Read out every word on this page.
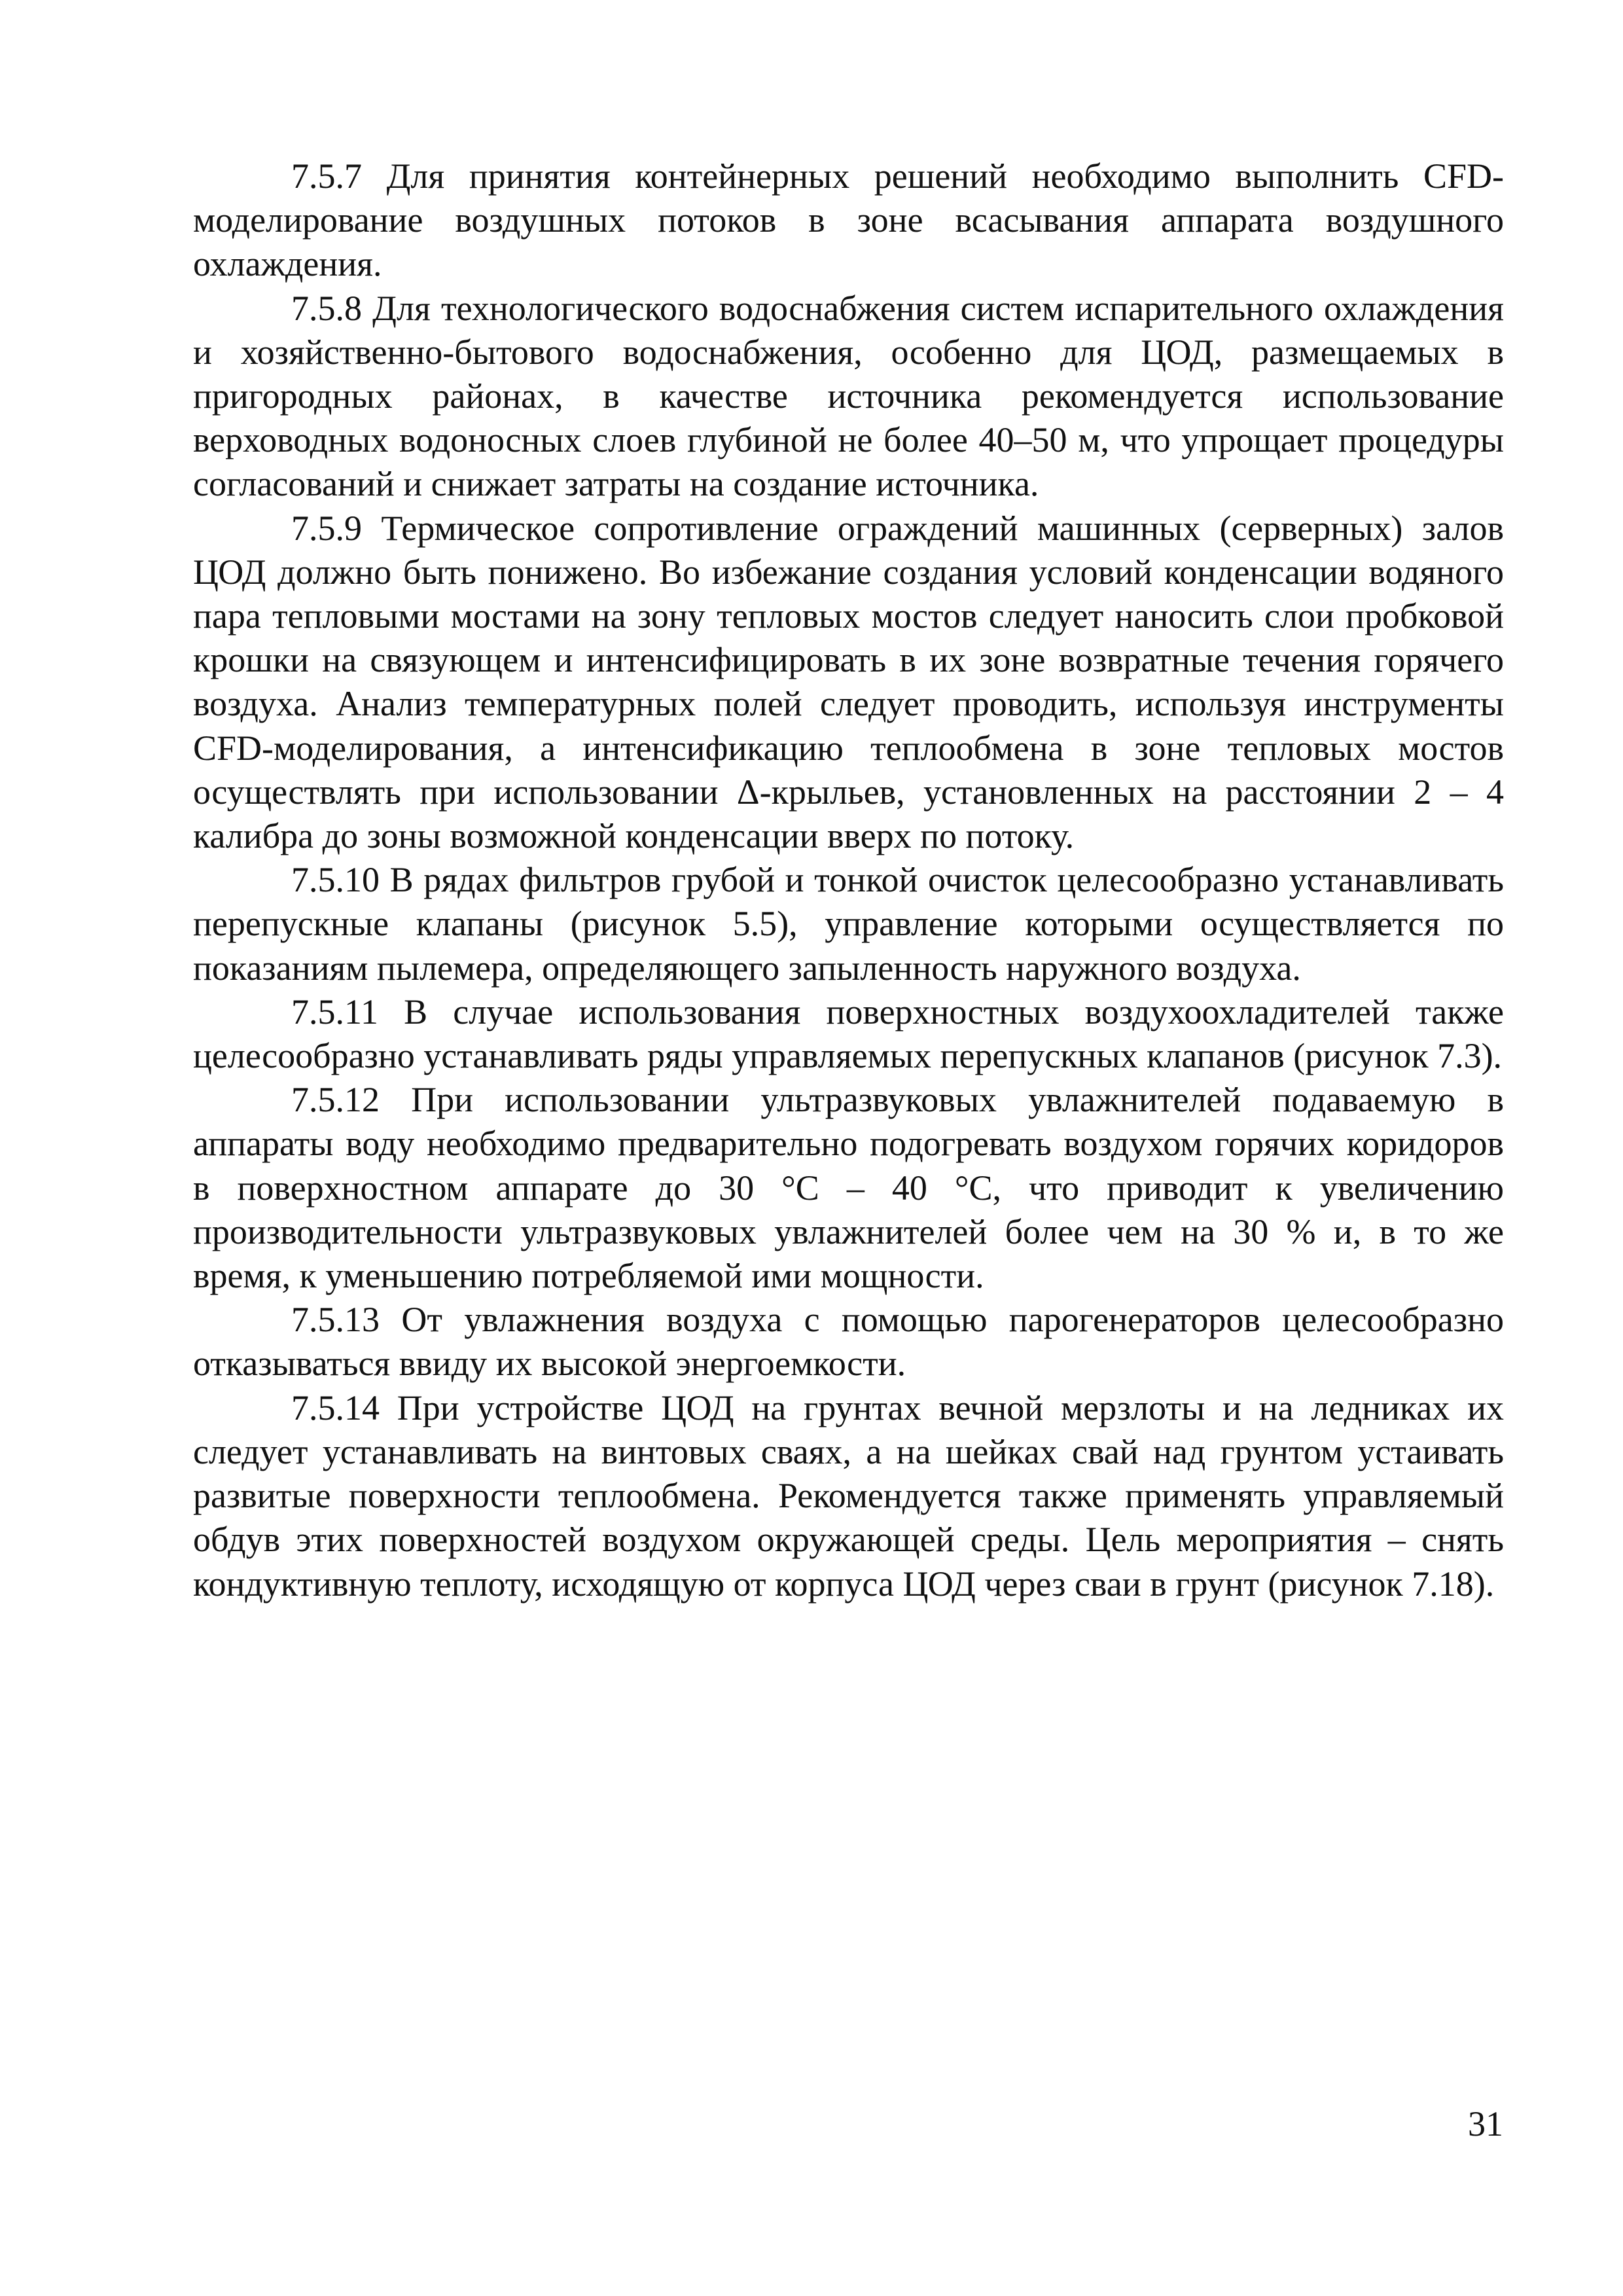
7.5.7 Для принятия контейнерных решений необходимо выполнить CFD-моделирование воздушных потоков в зоне всасывания аппарата воздушного охлаждения.

7.5.8 Для технологического водоснабжения систем испарительного охлаждения и хозяйственно-бытового водоснабжения, особенно для ЦОД, размещаемых в пригородных районах, в качестве источника рекомендуется использование верховодных водоносных слоев глубиной не более 40–50 м, что упрощает процедуры согласований и снижает затраты на создание источника.

7.5.9 Термическое сопротивление ограждений машинных (серверных) залов ЦОД должно быть понижено. Во избежание создания условий конденсации водяного пара тепловыми мостами на зону тепловых мостов следует наносить слои пробковой крошки на связующем и интенсифицировать в их зоне возвратные течения горячего воздуха. Анализ температурных полей следует проводить, используя инструменты CFD-моделирования, а интенсификацию теплообмена в зоне тепловых мостов осуществлять при использовании Δ-крыльев, установленных на расстоянии 2 – 4 калибра до зоны возможной конденсации вверх по потоку.

7.5.10 В рядах фильтров грубой и тонкой очисток целесообразно устанавливать перепускные клапаны (рисунок 5.5), управление которыми осуществляется по показаниям пылемера, определяющего запыленность наружного воздуха.

7.5.11 В случае использования поверхностных воздухоохладителей также целесообразно устанавливать ряды управляемых перепускных клапанов (рисунок 7.3).

7.5.12 При использовании ультразвуковых увлажнителей подаваемую в аппараты воду необходимо предварительно подогревать воздухом горячих коридоров в поверхностном аппарате до 30 °С – 40 °С, что приводит к увеличению производительности ультразвуковых увлажнителей более чем на 30 % и, в то же время, к уменьшению потребляемой ими мощности.

7.5.13 От увлажнения воздуха с помощью парогенераторов целесообразно отказываться ввиду их высокой энергоемкости.

7.5.14 При устройстве ЦОД на грунтах вечной мерзлоты и на ледниках их следует устанавливать на винтовых сваях, а на шейках свай над грунтом устаивать развитые поверхности теплообмена. Рекомендуется также применять управляемый обдув этих поверхностей воздухом окружающей среды. Цель мероприятия – снять кондуктивную теплоту, исходящую от корпуса ЦОД через сваи в грунт (рисунок 7.18).

31
